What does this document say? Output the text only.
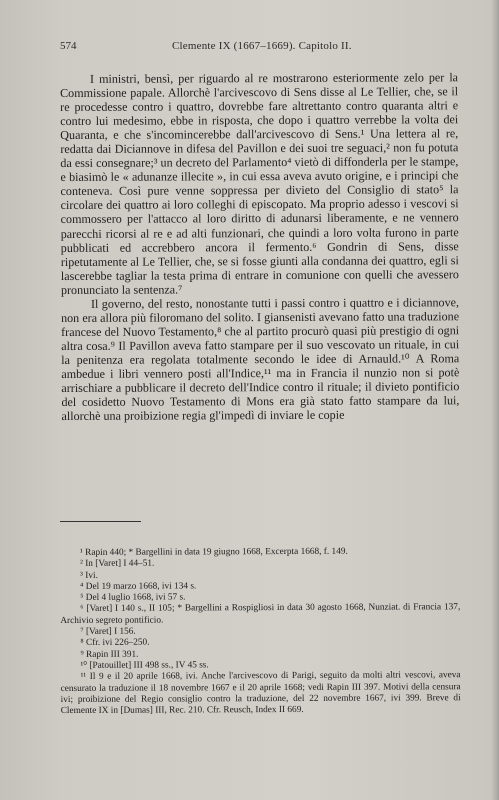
574	Clemente IX (1667–1669). Capitolo II.

I ministri, bensì, per riguardo al re mostrarono esteriormente zelo per la Commissione papale. Allorchè l'arcivescovo di Sens disse al Le Tellier, che, se il re procedesse contro i quattro, dovrebbe fare altrettanto contro quaranta altri e contro lui medesimo, ebbe in risposta, che dopo i quattro verrebbe la volta dei Quaranta, e che s'incomincerebbe dall'arcivescovo di Sens.¹ Una lettera al re, redatta dai Diciannove in difesa del Pavillon e dei suoi tre seguaci,² non fu potuta da essi consegnare;³ un decreto del Parlamento⁴ vietò di diffonderla per le stampe, e biasimò le « adunanze illecite », in cui essa aveva avuto origine, e i principi che conteneva. Così pure venne soppressa per divieto del Consiglio di stato⁵ la circolare dei quattro ai loro colleghi di episcopato. Ma proprio adesso i vescovi si commossero per l'attacco al loro diritto di adunarsi liberamente, e ne vennero parecchi ricorsi al re e ad alti funzionari, che quindi a loro volta furono in parte pubblicati ed accrebbero ancora il fermento.⁶ Gondrin di Sens, disse ripetutamente al Le Tellier, che, se si fosse giunti alla condanna dei quattro, egli si lascerebbe tagliar la testa prima di entrare in comunione con quelli che avessero pronunciato la sentenza.⁷

Il governo, del resto, nonostante tutti i passi contro i quattro e i diciannove, non era allora più filoromano del solito. I giansenisti avevano fatto una traduzione francese del Nuovo Testamento,⁸ che al partito procurò quasi più prestigio di ogni altra cosa.⁹ Il Pavillon aveva fatto stampare per il suo vescovato un rituale, in cui la penitenza era regolata totalmente secondo le idee di Arnauld.¹⁰ A Roma ambedue i libri vennero posti all'Indice,¹¹ ma in Francia il nunzio non si potè arrischiare a pubblicare il decreto dell'Indice contro il rituale; il divieto pontificio del cosidetto Nuovo Testamento di Mons era già stato fatto stampare da lui, allorchè una proibizione regia gl'impedì di inviare le copie

¹ Rapin 440; * Bargellini in data 19 giugno 1668, Excerpta 1668, f. 149.

² In [Varet] I 44–51.

³ Ivi.

⁴ Del 19 marzo 1668, ivi 134 s.

⁵ Del 4 luglio 1668, ivi 57 s.

⁶ [Varet] I 140 s., II 105; * Bargellini a Rospigliosi in data 30 agosto 1668, Nunziat. di Francia 137, Archivio segreto pontificio.

⁷ [Varet] I 156.

⁸ Cfr. ivi 226–250.

⁹ Rapin III 391.

¹⁰ [Patouillet] III 498 ss., IV 45 ss.

¹¹ Il 9 e il 20 aprile 1668, ivi. Anche l'arcivescovo di Parigi, seguito da molti altri vescovi, aveva censurato la traduzione il 18 novembre 1667 e il 20 aprile 1668; vedi Rapin III 397. Motivi della censura ivi; proibizione del Regio consiglio contro la traduzione, del 22 novembre 1667, ivi 399. Breve di Clemente IX in [Dumas] III, Rec. 210. Cfr. Reusch, Index II 669.
